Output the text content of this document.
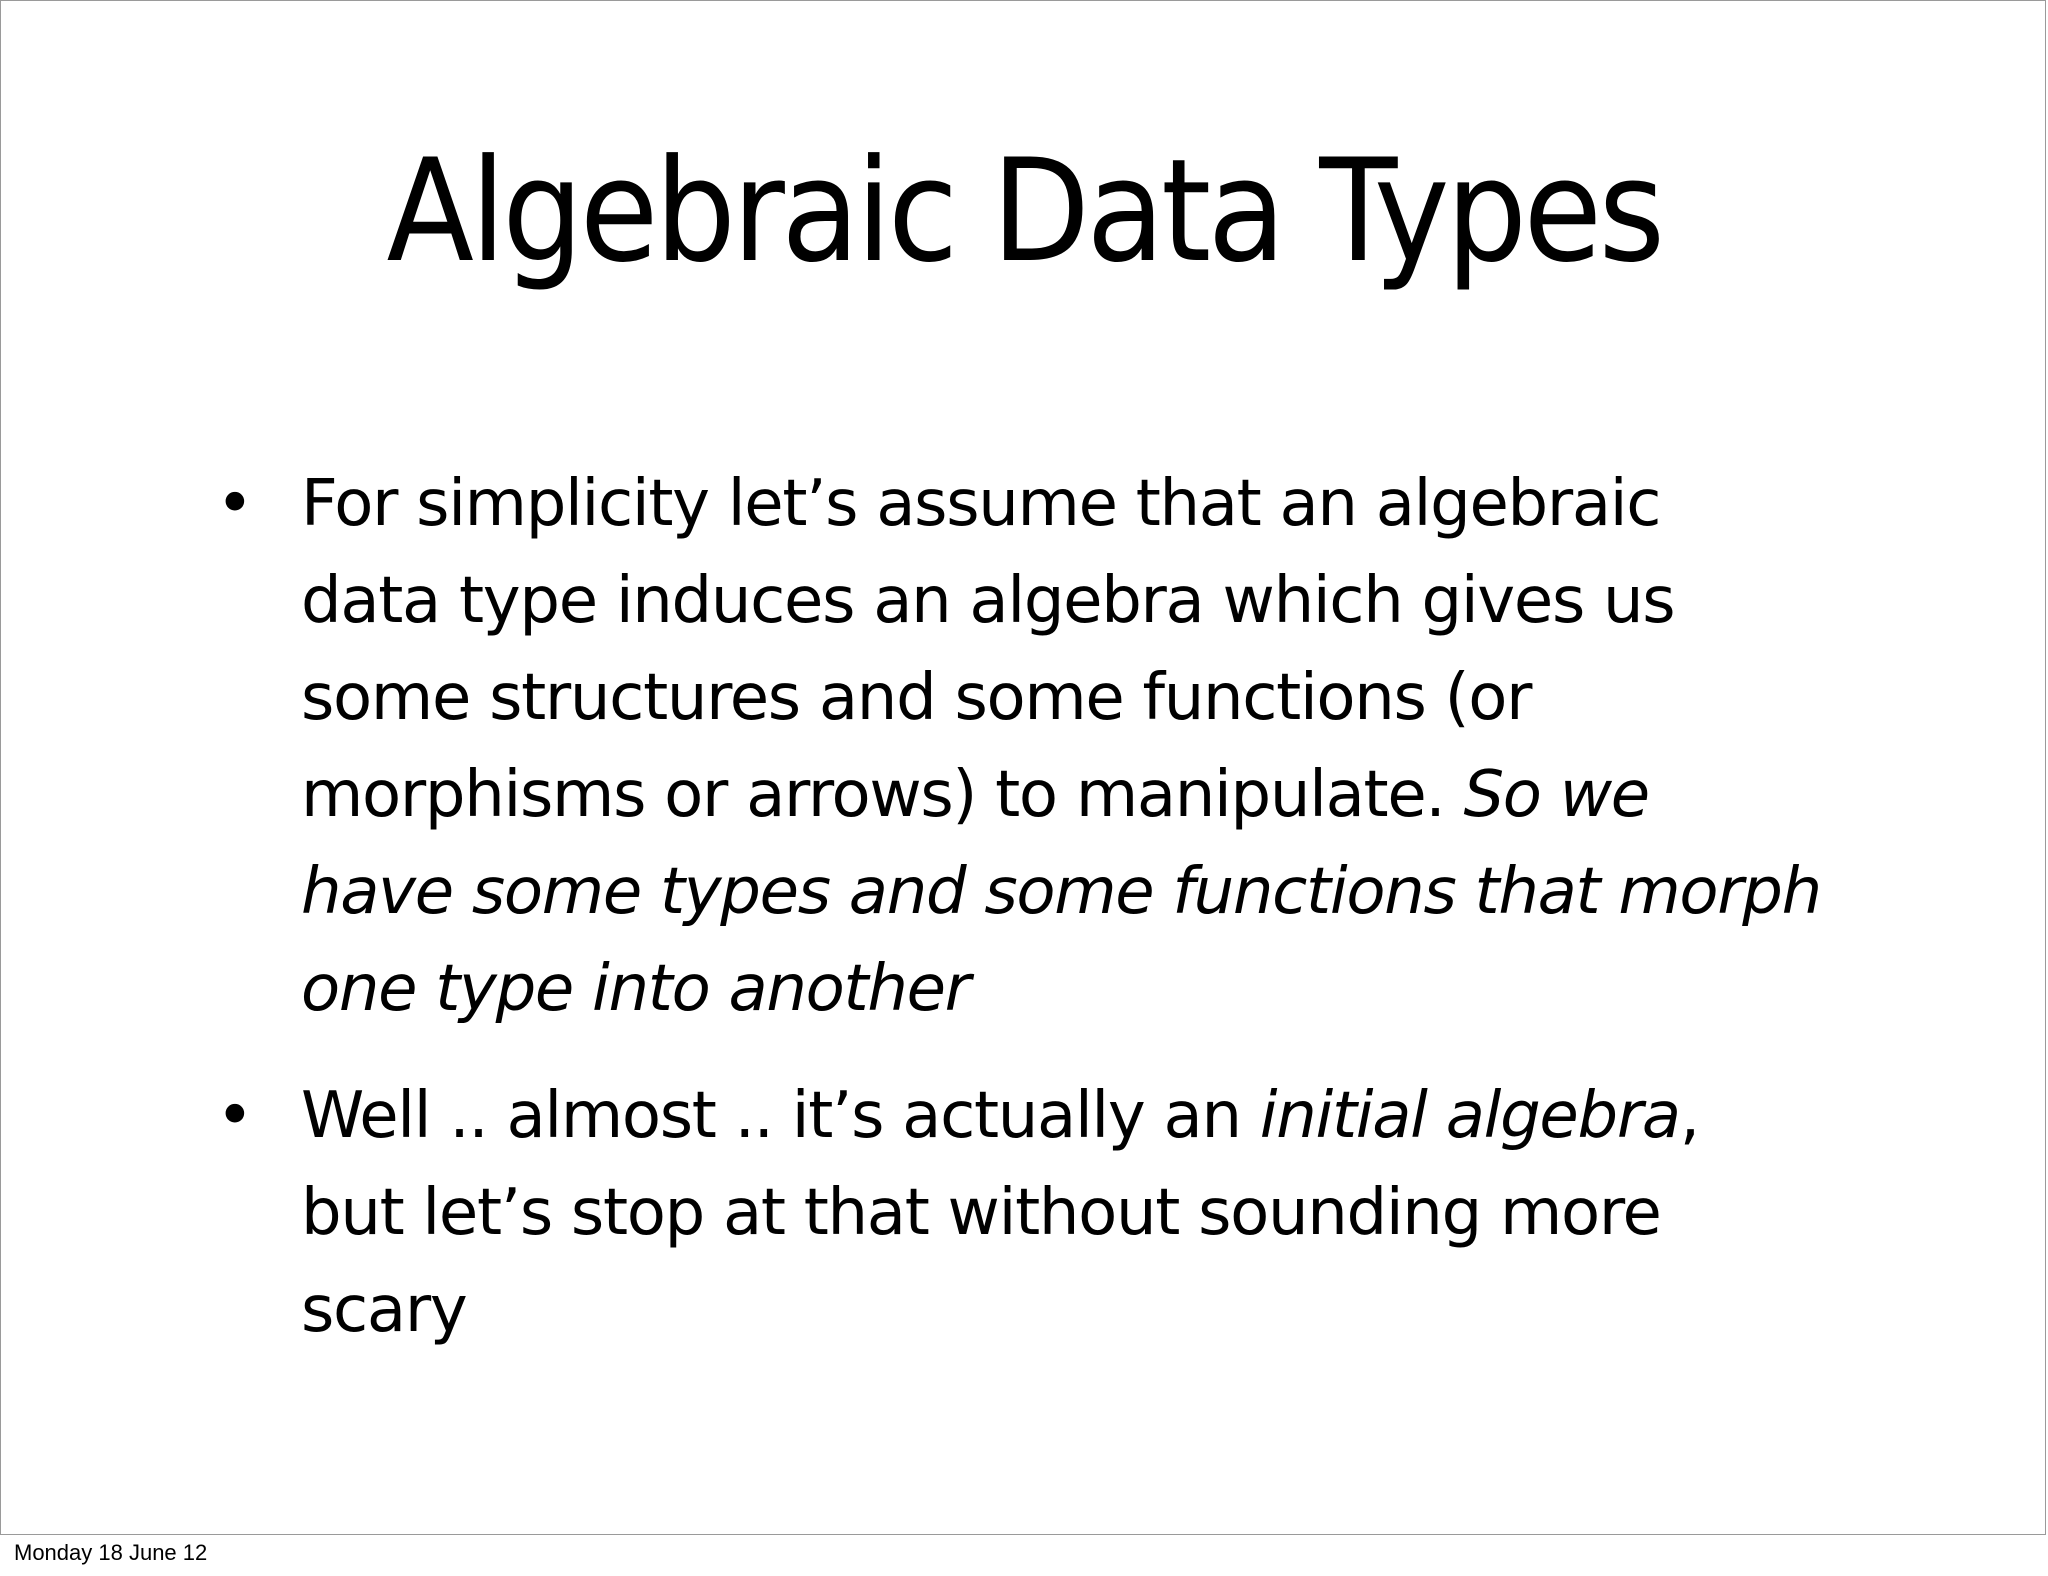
Algebraic Data Types
• For simplicity let’s assume that an algebraic
data type induces an algebra which gives us
some structures and some functions (or
morphisms or arrows) to manipulate. So we
have some types and some functions that morph
one type into another
• Well .. almost .. it’s actually an initial algebra,
but let’s stop at that without sounding more
scary
Monday 18 June 12
